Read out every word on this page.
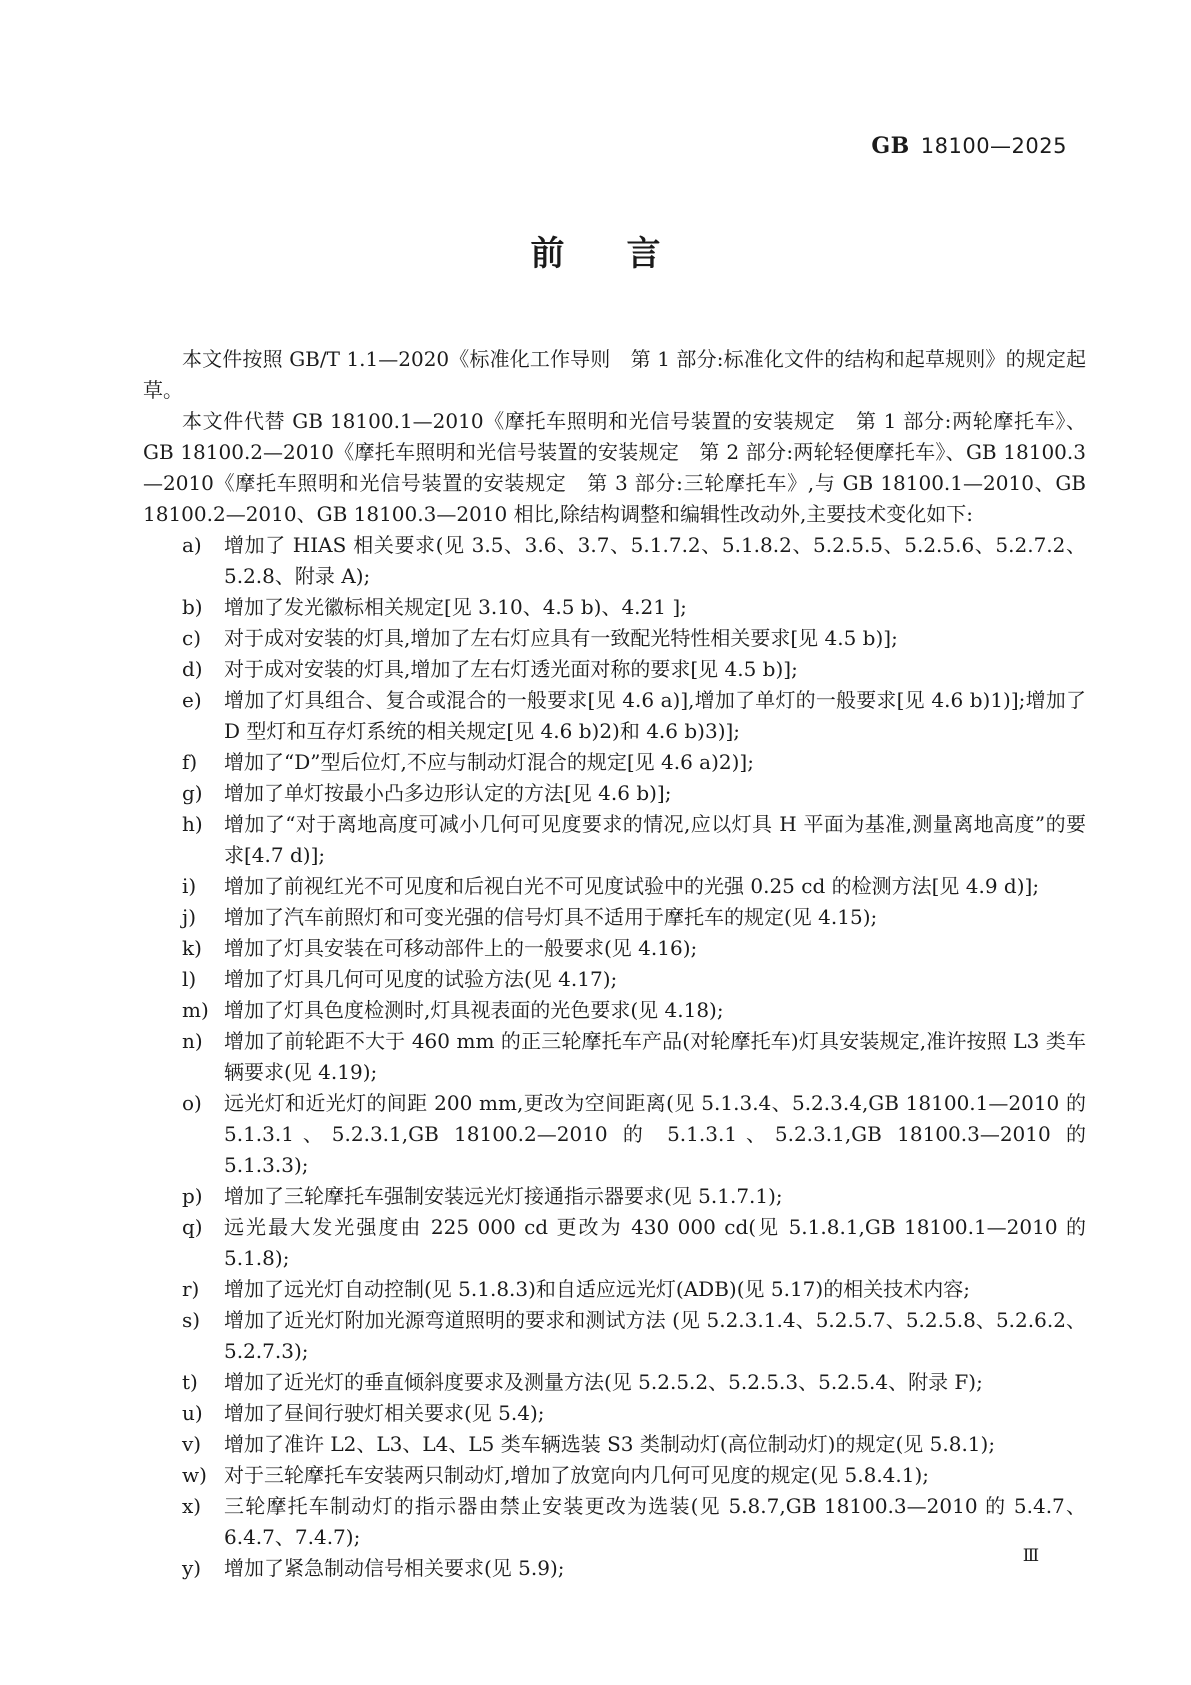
GB 18100—2025
前言

本文件按照 GB/T 1.1—2020《标准化工作导则　第 1 部分:标准化文件的结构和起草规则》的规定起草。

本文件代替 GB 18100.1—2010《摩托车照明和光信号装置的安装规定　第 1 部分:两轮摩托车》、GB 18100.2—2010《摩托车照明和光信号装置的安装规定　第 2 部分:两轮轻便摩托车》、GB 18100.3—2010《摩托车照明和光信号装置的安装规定　第 3 部分:三轮摩托车》,与 GB 18100.1—2010、GB 18100.2—2010、GB 18100.3—2010 相比,除结构调整和编辑性改动外,主要技术变化如下:

a) 增加了 HIAS 相关要求(见 3.5、3.6、3.7、5.1.7.2、5.1.8.2、5.2.5.5、5.2.5.6、5.2.7.2、5.2.8、附录 A);
b) 增加了发光徽标相关规定[见 3.10、4.5 b)、4.21 ];
c) 对于成对安装的灯具,增加了左右灯应具有一致配光特性相关要求[见 4.5 b)];
d) 对于成对安装的灯具,增加了左右灯透光面对称的要求[见 4.5 b)];
e) 增加了灯具组合、复合或混合的一般要求[见 4.6 a)],增加了单灯的一般要求[见 4.6 b)1)];增加了 D 型灯和互存灯系统的相关规定[见 4.6 b)2)和 4.6 b)3)];
f) 增加了“D”型后位灯,不应与制动灯混合的规定[见 4.6 a)2)];
g) 增加了单灯按最小凸多边形认定的方法[见 4.6 b)];
h) 增加了“对于离地高度可减小几何可见度要求的情况,应以灯具 H 平面为基准,测量离地高度”的要求[4.7 d)];
i) 增加了前视红光不可见度和后视白光不可见度试验中的光强 0.25 cd 的检测方法[见 4.9 d)];
j) 增加了汽车前照灯和可变光强的信号灯具不适用于摩托车的规定(见 4.15);
k) 增加了灯具安装在可移动部件上的一般要求(见 4.16);
l) 增加了灯具几何可见度的试验方法(见 4.17);
m) 增加了灯具色度检测时,灯具视表面的光色要求(见 4.18);
n) 增加了前轮距不大于 460 mm 的正三轮摩托车产品(对轮摩托车)灯具安装规定,准许按照 L3 类车辆要求(见 4.19);
o) 远光灯和近光灯的间距 200 mm,更改为空间距离(见 5.1.3.4、5.2.3.4,GB 18100.1—2010 的 5.1.3.1、5.2.3.1,GB 18100.2—2010 的 5.1.3.1、5.2.3.1,GB 18100.3—2010 的 5.1.3.3);
p) 增加了三轮摩托车强制安装远光灯接通指示器要求(见 5.1.7.1);
q) 远光最大发光强度由 225 000 cd 更改为 430 000 cd(见 5.1.8.1,GB 18100.1—2010 的 5.1.8);
r) 增加了远光灯自动控制(见 5.1.8.3)和自适应远光灯(ADB)(见 5.17)的相关技术内容;
s) 增加了近光灯附加光源弯道照明的要求和测试方法 (见 5.2.3.1.4、5.2.5.7、5.2.5.8、5.2.6.2、5.2.7.3);
t) 增加了近光灯的垂直倾斜度要求及测量方法(见 5.2.5.2、5.2.5.3、5.2.5.4、附录 F);
u) 增加了昼间行驶灯相关要求(见 5.4);
v) 增加了准许 L2、L3、L4、L5 类车辆选装 S3 类制动灯(高位制动灯)的规定(见 5.8.1);
w) 对于三轮摩托车安装两只制动灯,增加了放宽向内几何可见度的规定(见 5.8.4.1);
x) 三轮摩托车制动灯的指示器由禁止安装更改为选装(见 5.8.7,GB 18100.3—2010 的 5.4.7、6.4.7、7.4.7);
y) 增加了紧急制动信号相关要求(见 5.9);	Ⅲ
